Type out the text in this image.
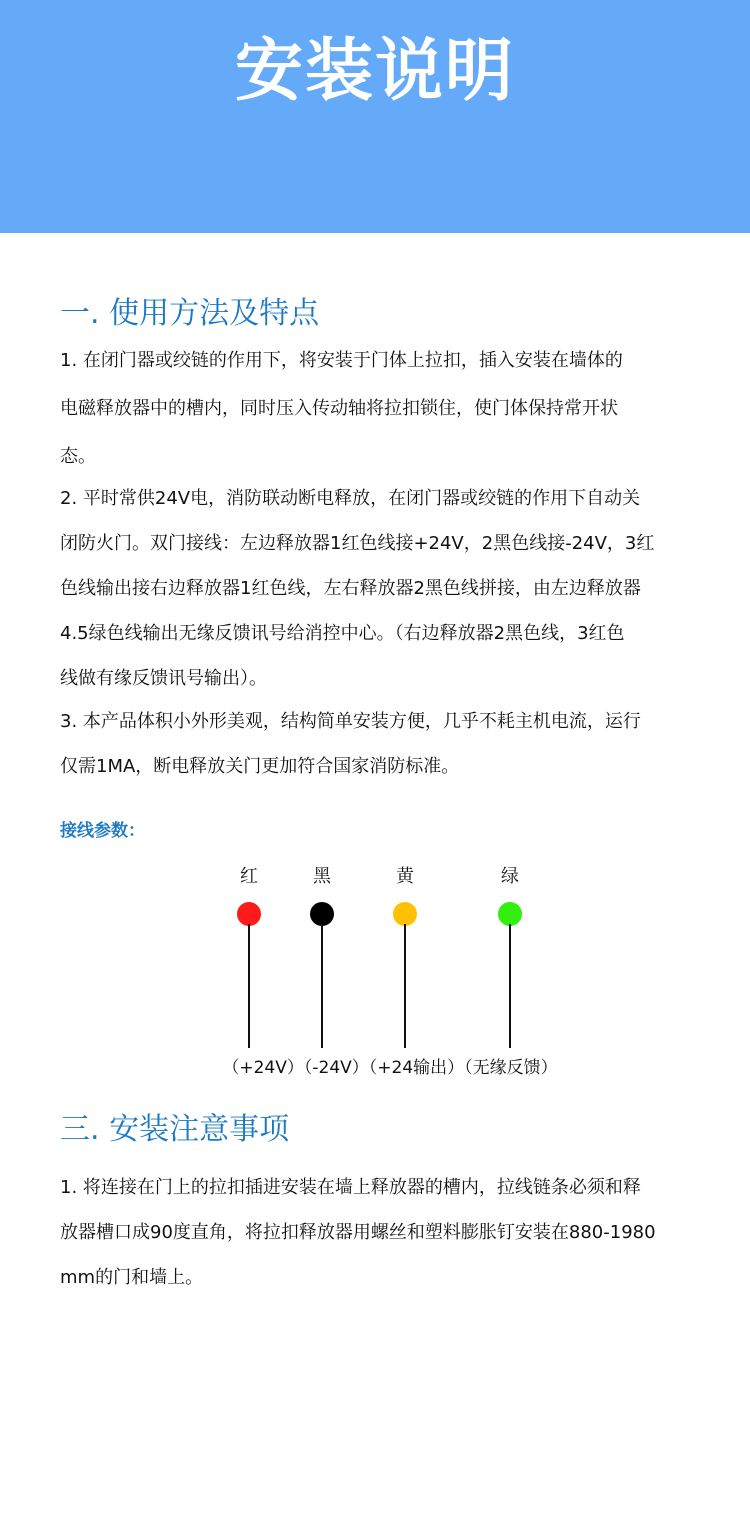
安装说明
一. 使用方法及特点
1. 在闭门器或绞链的作用下，将安装于门体上拉扣，插入安装在墙体的
电磁释放器中的槽内，同时压入传动轴将拉扣锁住，使门体保持常开状
态。
2. 平时常供24V电，消防联动断电释放，在闭门器或绞链的作用下自动关
闭防火门。双门接线：左边释放器1红色线接+24V，2黑色线接-24V，3红
色线输出接右边释放器1红色线，左右释放器2黑色线拼接，由左边释放器
4.5绿色线输出无缘反馈讯号给消控中心。（右边释放器2黑色线，3红色
线做有缘反馈讯号输出）。
3. 本产品体积小外形美观，结构简单安装方便，几乎不耗主机电流，运行
仅需1MA，断电释放关门更加符合国家消防标准。
接线参数：
红	黑	黄	绿
（+24V）（-24V）（+24输出）（无缘反馈）
三. 安装注意事项
1. 将连接在门上的拉扣插进安装在墙上释放器的槽内，拉线链条必须和释
放器槽口成90度直角，将拉扣释放器用螺丝和塑料膨胀钉安装在880-1980
mm的门和墙上。
